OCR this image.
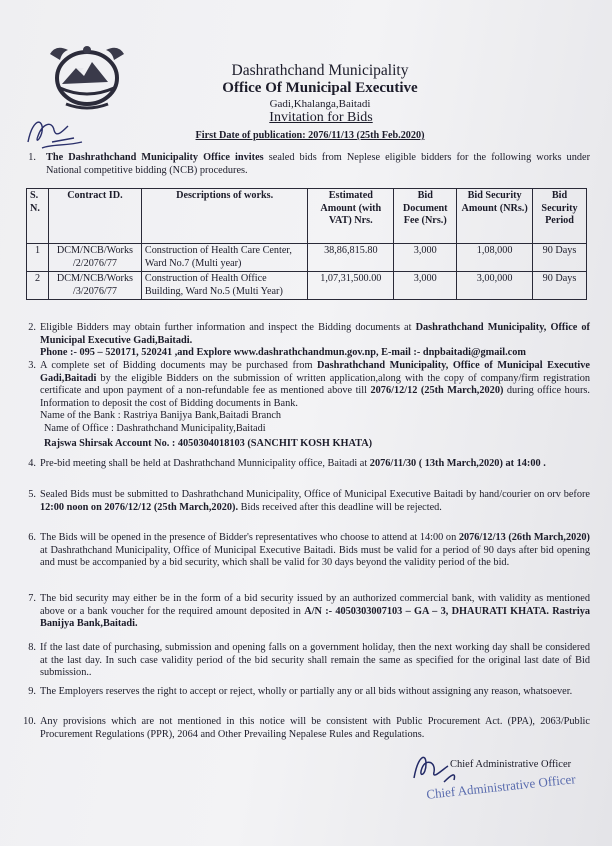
Dashrathchand Municipality
Office Of Municipal Executive
Gadi,Khalanga,Baitadi
Invitation for Bids
First Date of publication: 2076/11/13 (25th Feb.2020)
1. The Dashrathchand Municipality Office invites sealed bids from Neplese eligible bidders for the following works under National competitive bidding (NCB) procedures.
S. N.	Contract ID.	Descriptions of works.	Estimated Amount (with VAT) Nrs.	Bid Document Fee (Nrs.)	Bid Security Amount (NRs.)	Bid Security Period
1	DCM/NCB/Works /2/2076/77	Construction of Health Care Center, Ward No.7 (Multi year)	38,86,815.80	3,000	1,08,000	90 Days
2	DCM/NCB/Works /3/2076/77	Construction of Health Office Building, Ward No.5 (Multi Year)	1,07,31,500.00	3,000	3,00,000	90 Days
2. Eligible Bidders may obtain further information and inspect the Bidding documents at Dashrathchand Municipality, Office of Municipal Executive Gadi,Baitadi.
Phone :- 095 – 520171, 520241 ,and Explore www.dashrathchandmun.gov.np, E-mail :- dnpbaitadi@gmail.com
3. A complete set of Bidding documents may be purchased from Dashrathchand Municipality, Office of Municipal Executive Gadi,Baitadi by the eligible Bidders on the submission of written application,along with the copy of company/firm registration certificate and upon payment of a non-refundable fee as mentioned above till 2076/12/12 (25th March,2020) during office hours. Information to deposit the cost of Bidding documents in Bank.
Name of the Bank : Rastriya Banijya Bank,Baitadi Branch
Name of Office : Dashrathchand Municipality,Baitadi
Rajswa Shirsak Account No. : 4050304018103 (SANCHIT KOSH KHATA)
4. Pre-bid meeting shall be held at Dashrathchand Munnicipality office, Baitadi at 2076/11/30 ( 13th March,2020) at 14:00 .
5. Sealed Bids must be submitted to Dashrathchand Municipality, Office of Municipal Executive Baitadi by hand/courier on orv before 12:00 noon on 2076/12/12 (25th March,2020). Bids received after this deadline will be rejected.
6. The Bids will be opened in the presence of Bidder's representatives who choose to attend at 14:00 on 2076/12/13 (26th March,2020) at Dashrathchand Municipality, Office of Municipal Executive Baitadi. Bids must be valid for a period of 90 days after bid opening and must be accompanied by a bid security, which shall be valid for 30 days beyond the validity period of the bid.
7. The bid security may either be in the form of a bid security issued by an authorized commercial bank, with validity as mentioned above or a bank voucher for the required amount deposited in A/N :- 4050303007103 – GA – 3, DHAURATI KHATA. Rastriya Banijya Bank,Baitadi.
8. If the last date of purchasing, submission and opening falls on a government holiday, then the next working day shall be considered at the last day. In such case validity period of the bid security shall remain the same as specified for the original last date of Bid submission..
9. The Employers reserves the right to accept or reject, wholly or partially any or all bids without assigning any reason, whatsoever.
10. Any provisions which are not mentioned in this notice will be consistent with Public Procurement Act. (PPA), 2063/Public Procurement Regulations (PPR), 2064 and Other Prevailing Nepalese Rules and Regulations.
Chief Administrative Officer
Chief Administrative Officer
